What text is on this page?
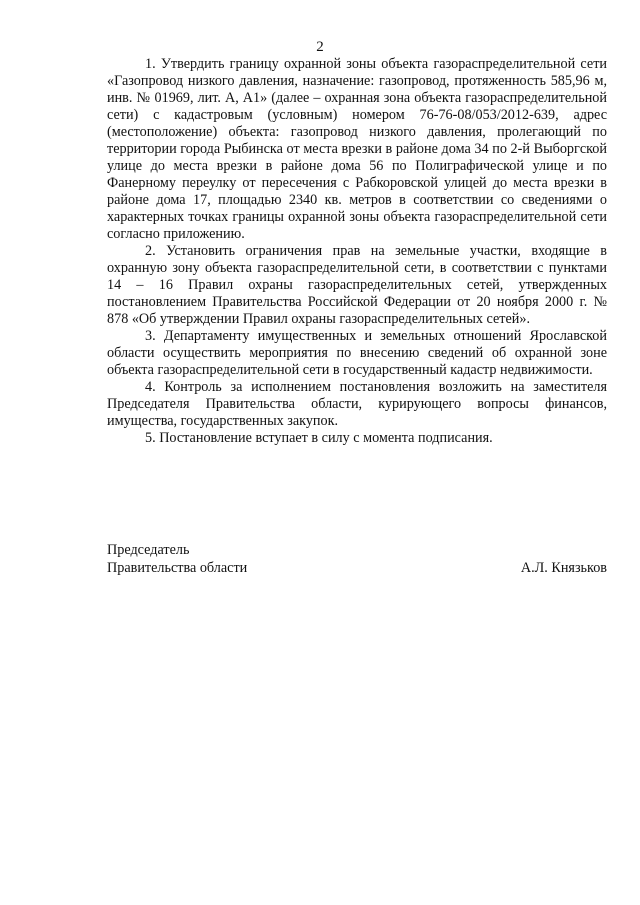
2

1. Утвердить границу охранной зоны объекта газораспределительной сети «Газопровод низкого давления, назначение: газопровод, протяженность 585,96 м, инв. № 01969, лит. А, А1» (далее – охранная зона объекта газораспределительной сети) с кадастровым (условным) номером 76-76-08/053/2012-639, адрес (местоположение) объекта: газопровод низкого давления, пролегающий по территории города Рыбинска от места врезки в районе дома 34 по 2-й Выборгской улице до места врезки в районе дома 56 по Полиграфической улице и по Фанерному переулку от пересечения с Рабкоровской улицей до места врезки в районе дома 17, площадью 2340 кв. метров в соответствии со сведениями о характерных точках границы охранной зоны объекта газораспределительной сети согласно приложению.

2. Установить ограничения прав на земельные участки, входящие в охранную зону объекта газораспределительной сети, в соответствии с пунктами 14 – 16 Правил охраны газораспределительных сетей, утвержденных постановлением Правительства Российской Федерации от 20 ноября 2000 г. № 878 «Об утверждении Правил охраны газораспределительных сетей».

3. Департаменту имущественных и земельных отношений Ярославской области осуществить мероприятия по внесению сведений об охранной зоне объекта газораспределительной сети в государственный кадастр недвижимости.

4. Контроль за исполнением постановления возложить на заместителя Председателя Правительства области, курирующего вопросы финансов, имущества, государственных закупок.

5. Постановление вступает в силу с момента подписания.

Председатель
Правительства области	А.Л. Князьков
